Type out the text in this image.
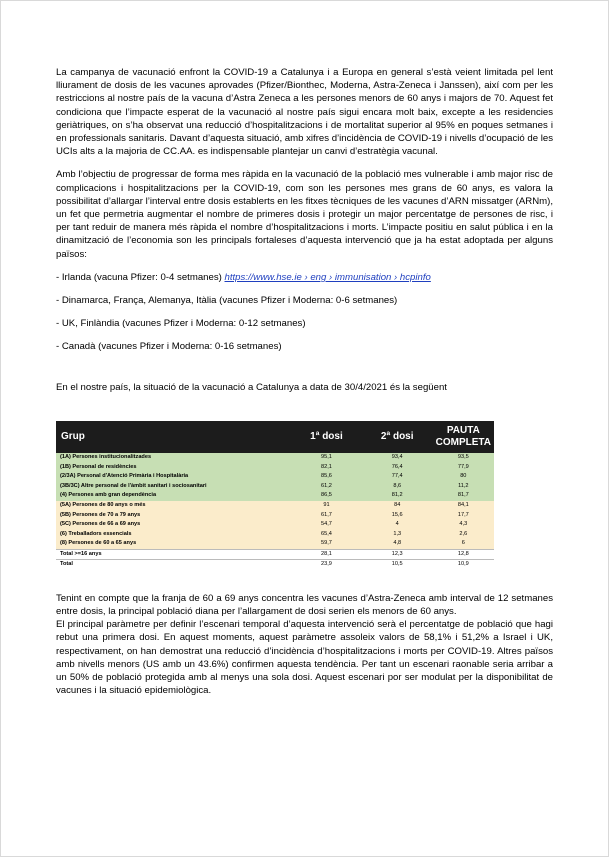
La campanya de vacunació enfront la COVID-19 a Catalunya i a Europa en general s’està veient limitada pel lent lliurament de dosis de les vacunes aprovades (Pfizer/Bionthec, Moderna, Astra-Zeneca i Janssen), així com per les restriccions al nostre país de la vacuna d’Astra Zeneca a les persones menors de 60 anys i majors de 70. Aquest fet condiciona que l’impacte esperat de la vacunació al nostre país sigui encara molt baix, excepte a les residencies geriàtriques, on s’ha observat una reducció d’hospitalitzacions i de mortalitat superior al 95% en poques setmanes i en professionals sanitaris. Davant d’aquesta situació, amb xifres d’incidència de COVID-19 i nivells d’ocupació de les UCIs alts a la majoria de CC.AA. es indispensable plantejar un canvi d’estratègia vacunal.

Amb l’objectiu de progressar de forma mes ràpida en la vacunació de la població mes vulnerable i amb major risc de complicacions i hospitalitzacions per la COVID-19, com son les persones mes grans de 60 anys, es valora la possibilitat d’allargar l’interval entre dosis establerts en les fitxes tècniques de les vacunes d’ARN missatger (ARNm), un fet que permetria augmentar el nombre de primeres dosis i protegir un major percentatge de persones de risc, i per tant reduir de manera més ràpida el nombre d’hospitalitzacions i morts. L’impacte positiu en salut pública i en la dinamització de l’economia son les principals fortaleses d’aquesta intervenció que ja ha estat adoptada per alguns països:

- Irlanda (vacuna Pfizer: 0-4 setmanes) https://www.hse.ie › eng › immunisation › hcpinfo

- Dinamarca, França, Alemanya, Itàlia (vacunes Pfizer i Moderna: 0-6 setmanes)

- UK, Finlàndia (vacunes Pfizer i Moderna: 0-12 setmanes)

- Canadà (vacunes Pfizer i Moderna: 0-16 setmanes)

En el nostre país, la situació de la vacunació a Catalunya a data de 30/4/2021 és la següent

Grup	1ª dosi	2ª dosi	PAUTA
COMPLETA
(1A) Persones institucionalitzades	95,1	93,4	93,5
(1B) Personal de residències	82,1	76,4	77,9
(2/3A) Personal d'Atenció Primària i Hospitalària	85,6	77,4	80
(3B/3C) Altre personal de l'àmbit sanitari i sociosanitari	61,2	8,6	11,2
(4) Persones amb gran dependència	86,5	81,2	81,7
(5A) Persones de 80 anys o més	91	84	84,1
(5B) Persones de 70 a 79 anys	61,7	15,6	17,7
(5C) Persones de 66 a 69 anys	54,7	4	4,3
(6) Treballadors essencials	65,4	1,3	2,6
(8) Persones de 60 a 65 anys	59,7	4,8	6
Total >=16 anys	28,1	12,3	12,8
Total	23,9	10,5	10,9

Tenint en compte que la franja de 60 a 69 anys concentra les vacunes d’Astra-Zeneca amb interval de 12 setmanes entre dosis, la principal població diana per l’allargament de dosi serien els menors de 60 anys.

El principal paràmetre per definir l’escenari temporal d’aquesta intervenció serà el percentatge de població que hagi rebut una primera dosi. En aquest moments, aquest paràmetre assoleix valors de 58,1% i 51,2% a Israel i UK, respectivament, on han demostrat una reducció d’incidència d’hospitalitzacions i morts per COVID-19. Altres països amb nivells menors (US amb un 43.6%) confirmen aquesta tendència. Per tant un escenari raonable seria arribar a un 50% de població protegida amb al menys una sola dosi. Aquest escenari por ser modulat per la disponibilitat de vacunes i la situació epidemiològica.
